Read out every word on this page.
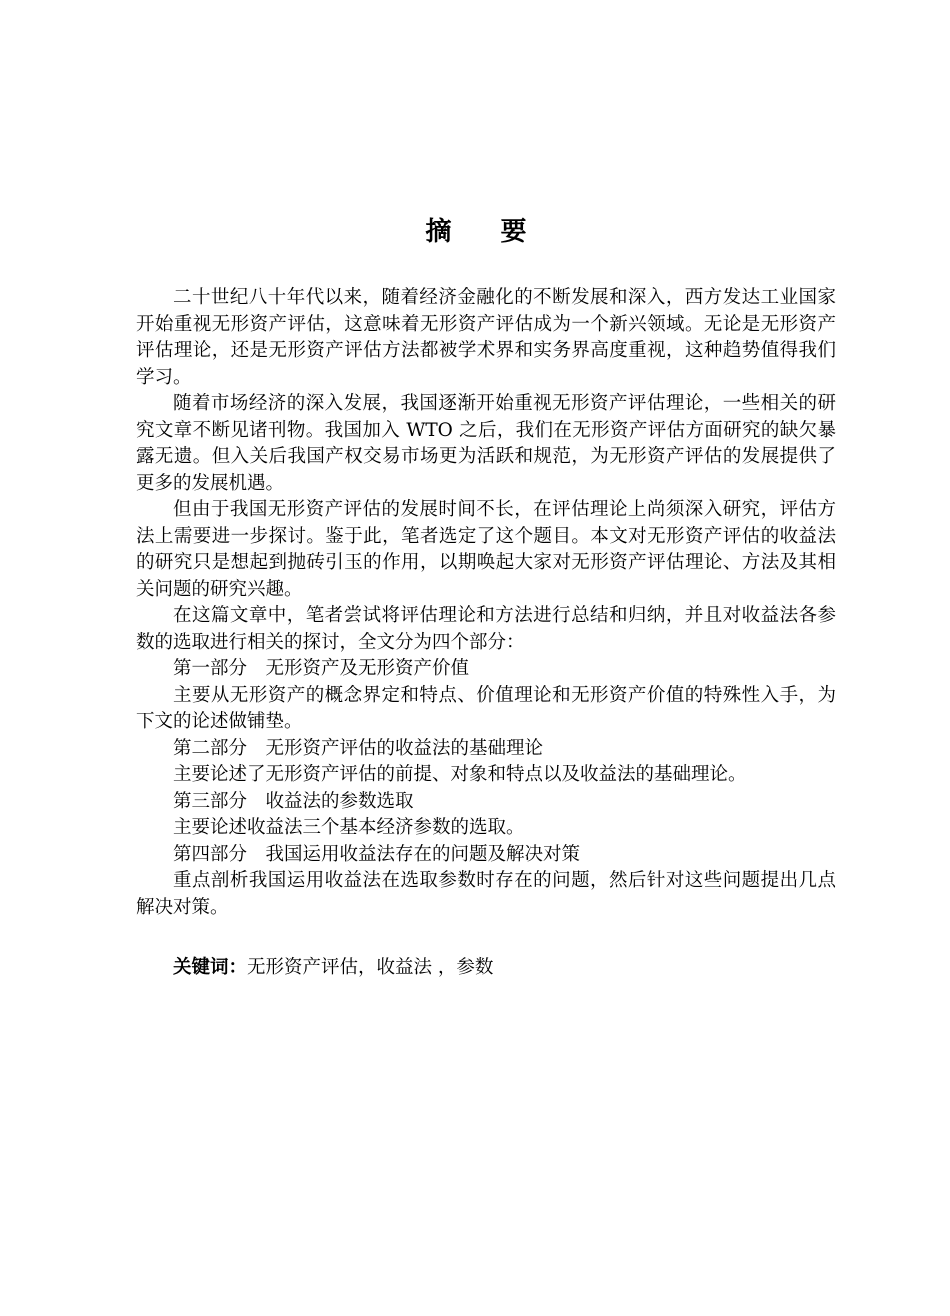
摘 要

二十世纪八十年代以来，随着经济金融化的不断发展和深入，西方发达工业国家开始重视无形资产评估，这意味着无形资产评估成为一个新兴领域。无论是无形资产评估理论，还是无形资产评估方法都被学术界和实务界高度重视，这种趋势值得我们学习。

随着市场经济的深入发展，我国逐渐开始重视无形资产评估理论，一些相关的研究文章不断见诸刊物。我国加入 WTO 之后，我们在无形资产评估方面研究的缺欠暴露无遗。但入关后我国产权交易市场更为活跃和规范，为无形资产评估的发展提供了更多的发展机遇。

但由于我国无形资产评估的发展时间不长，在评估理论上尚须深入研究，评估方法上需要进一步探讨。鉴于此，笔者选定了这个题目。本文对无形资产评估的收益法的研究只是想起到抛砖引玉的作用，以期唤起大家对无形资产评估理论、方法及其相关问题的研究兴趣。

在这篇文章中，笔者尝试将评估理论和方法进行总结和归纳，并且对收益法各参数的选取进行相关的探讨，全文分为四个部分：

第一部分　无形资产及无形资产价值

主要从无形资产的概念界定和特点、价值理论和无形资产价值的特殊性入手，为下文的论述做铺垫。

第二部分　无形资产评估的收益法的基础理论

主要论述了无形资产评估的前提、对象和特点以及收益法的基础理论。

第三部分　收益法的参数选取

主要论述收益法三个基本经济参数的选取。

第四部分　我国运用收益法存在的问题及解决对策

重点剖析我国运用收益法在选取参数时存在的问题，然后针对这些问题提出几点解决对策。

关键词：无形资产评估，收益法 ，参数
